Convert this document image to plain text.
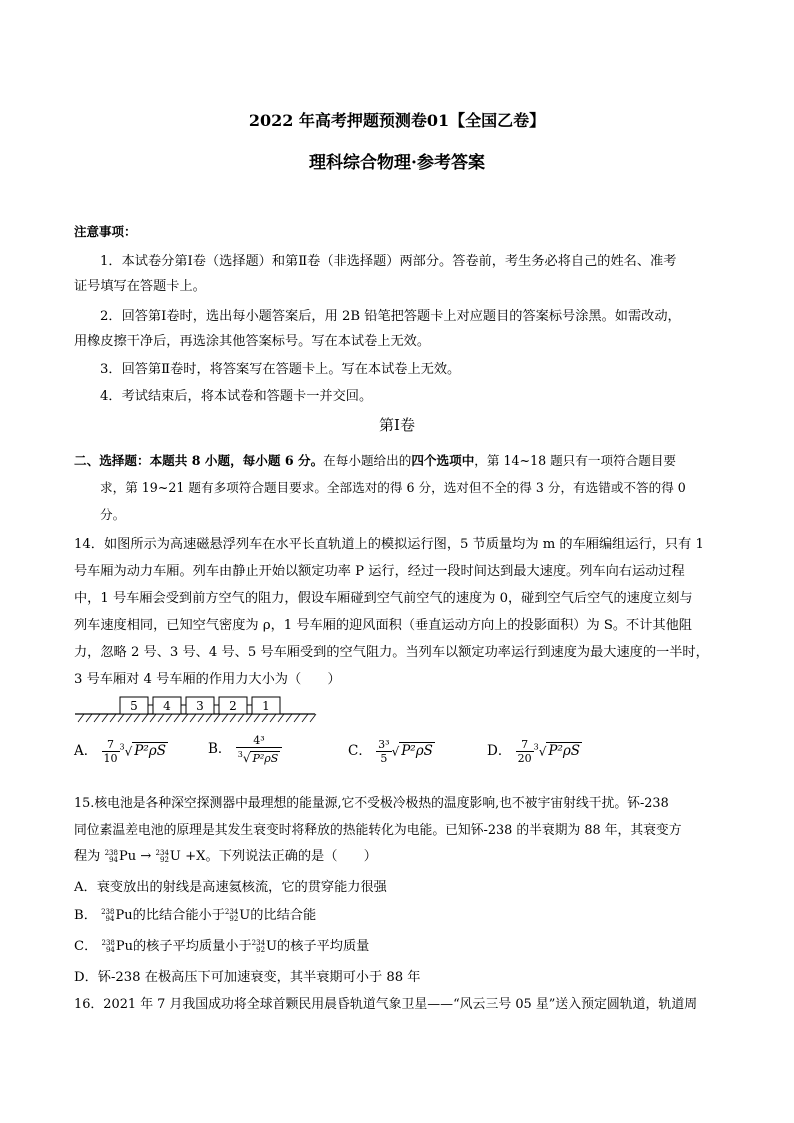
2022 年高考押题预测卷01【全国乙卷】
理科综合物理·参考答案
注意事项：
1．本试卷分第Ⅰ卷（选择题）和第Ⅱ卷（非选择题）两部分。答卷前，考生务必将自己的姓名、准考
证号填写在答题卡上。
2．回答第Ⅰ卷时，选出每小题答案后，用 2B 铅笔把答题卡上对应题目的答案标号涂黑。如需改动，
用橡皮擦干净后，再选涂其他答案标号。写在本试卷上无效。
3．回答第Ⅱ卷时，将答案写在答题卡上。写在本试卷上无效。
4．考试结束后，将本试卷和答题卡一并交回。
第Ⅰ卷
二、选择题：本题共 8 小题，每小题 6 分。在每小题给出的四个选项中，第 14~18 题只有一项符合题目要
求，第 19~21 题有多项符合题目要求。全部选对的得 6 分，选对但不全的得 3 分，有选错或不答的得 0
分。
14．如图所示为高速磁悬浮列车在水平长直轨道上的模拟运行图，5 节质量均为 m 的车厢编组运行，只有 1
号车厢为动力车厢。列车由静止开始以额定功率 P 运行，经过一段时间达到最大速度。列车向右运动过程
中，1 号车厢会受到前方空气的阻力，假设车厢碰到空气前空气的速度为 0，碰到空气后空气的速度立刻与
列车速度相同，已知空气密度为 ρ，1 号车厢的迎风面积（垂直运动方向上的投影面积）为 S。不计其他阻
力，忽略 2 号、3 号、4 号、5 号车厢受到的空气阻力。当列车以额定功率运行到速度为最大速度的一半时，
3 号车厢对 4 号车厢的作用力大小为（　　）
5 4 3 2 1
A． $\frac{7}{10} ^3√$ P²ρS	B． $\frac{\text{4³}}{^3√ P^2\rho S}$	C． $\frac{\text{3³}}{5}$ √ P²ρS	D． $\frac{7}{20} ^3√$ P²ρS
15.核电池是各种深空探测器中最理想的能量源,它不受极冷极热的温度影响,也不被宇宙射线干扰。钚-238
同位素温差电池的原理是其发生衰变时将释放的热能转化为电能。已知钚-238 的半衰期为 88 年，其衰变方
程为 238
94Pu → 234
92U +X。下列说法正确的是（　　）
A．衰变放出的射线是高速氦核流，它的贯穿能力很强
B． 238
94Pu的比结合能小于234
92U的比结合能
C． 238
94Pu的核子平均质量小于234
92U的核子平均质量
D．钚-238 在极高压下可加速衰变，其半衰期可小于 88 年
16．2021 年 7 月我国成功将全球首颗民用晨昏轨道气象卫星——“风云三号 05 星”送入预定圆轨道，轨道周
